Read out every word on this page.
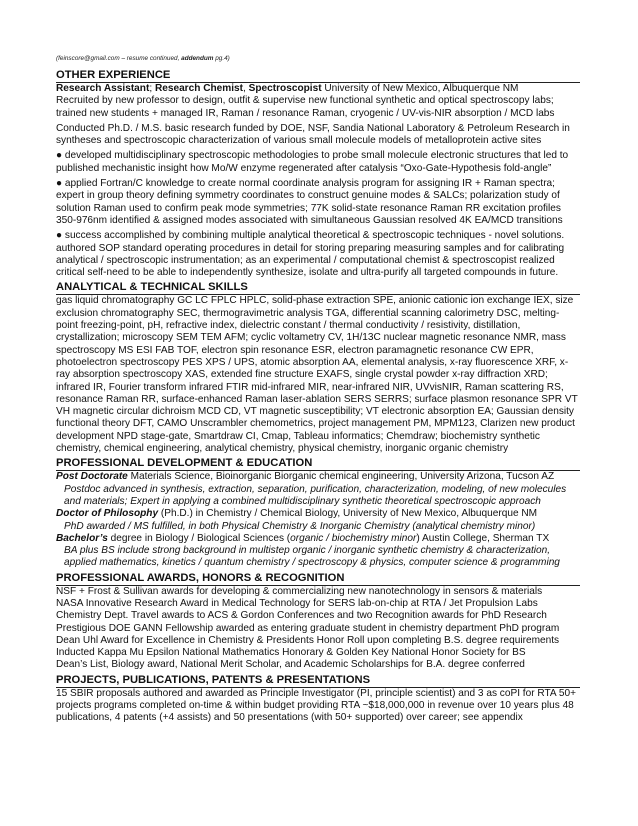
(feinscore@gmail.com – resume continued, addendum pg.4)
OTHER EXPERIENCE

Research Assistant; Research Chemist, Spectroscopist University of New Mexico, Albuquerque NM

Recruited by new professor to design, outfit & supervise new functional synthetic and optical spectroscopy labs; trained new students + managed IR, Raman / resonance Raman, cryogenic / UV-vis-NIR absorption / MCD labs

Conducted Ph.D. / M.S. basic research funded by DOE, NSF, Sandia National Laboratory & Petroleum Research in syntheses and spectroscopic characterization of various small molecule models of metalloprotein active sites

● developed multidisciplinary spectroscopic methodologies to probe small molecule electronic structures that led to published mechanistic insight how Mo/W enzyme regenerated after catalysis “Oxo-Gate-Hypothesis fold-angle”

● applied Fortran/C knowledge to create normal coordinate analysis program for assigning IR + Raman spectra; expert in group theory defining symmetry coordinates to construct genuine modes & SALCs; polarization study of solution Raman used to confirm peak mode symmetries; 77K solid-state resonance Raman RR excitation profiles 350-976nm identified & assigned modes associated with simultaneous Gaussian resolved 4K EA/MCD transitions

● success accomplished by combining multiple analytical theoretical & spectroscopic techniques - novel solutions. authored SOP standard operating procedures in detail for storing preparing measuring samples and for calibrating analytical / spectroscopic instrumentation; as an experimental / computational chemist & spectroscopist realized critical self-need to be able to independently synthesize, isolate and ultra-purify all targeted compounds in future.

ANALYTICAL & TECHNICAL SKILLS

gas liquid chromatography GC LC FPLC HPLC, solid-phase extraction SPE, anionic cationic ion exchange IEX, size exclusion chromatography SEC, thermogravimetric analysis TGA, differential scanning calorimetry DSC, melting-point freezing-point, pH, refractive index, dielectric constant / thermal conductivity / resistivity, distillation, crystallization; microscopy SEM TEM AFM; cyclic voltametry CV, 1H/13C nuclear magnetic resonance NMR, mass spectroscopy MS ESI FAB TOF, electron spin resonance ESR, electron paramagnetic resonance CW EPR, photoelectron spectroscopy PES XPS / UPS, atomic absorption AA, elemental analysis, x-ray fluorescence XRF, x-ray absorption spectroscopy XAS, extended fine structure EXAFS, single crystal powder x-ray diffraction XRD; infrared IR, Fourier transform infrared FTIR mid-infrared MIR, near-infrared NIR, UVvisNIR, Raman scattering RS, resonance Raman RR, surface-enhanced Raman laser-ablation SERS SERRS; surface plasmon resonance SPR VT VH magnetic circular dichroism MCD CD, VT magnetic susceptibility; VT electronic absorption EA; Gaussian density functional theory DFT, CAMO Unscrambler chemometrics, project management PM, MPM123, Clarizen new product development NPD stage-gate, Smartdraw CI, Cmap, Tableau informatics; Chemdraw; biochemistry synthetic chemistry, chemical engineering, analytical chemistry, physical chemistry, inorganic organic chemistry

PROFESSIONAL DEVELOPMENT & EDUCATION

Post Doctorate Materials Science, Bioinorganic Biorganic chemical engineering, University Arizona, Tucson AZ

Postdoc advanced in synthesis, extraction, separation, purification, characterization, modeling, of new molecules and materials; Expert in applying a combined multidisciplinary synthetic theoretical spectroscopic approach

Doctor of Philosophy (Ph.D.) in Chemistry / Chemical Biology, University of New Mexico, Albuquerque NM

PhD awarded / MS fulfilled, in both Physical Chemistry & Inorganic Chemistry (analytical chemistry minor)

Bachelor’s degree in Biology / Biological Sciences (organic / biochemistry minor) Austin College, Sherman TX

BA plus BS include strong background in multistep organic / inorganic synthetic chemistry & characterization, applied mathematics, kinetics / quantum chemistry / spectroscopy & physics, computer science & programming

PROFESSIONAL AWARDS, HONORS & RECOGNITION

NSF + Frost & Sullivan awards for developing & commercializing new nanotechnology in sensors & materials

NASA Innovative Research Award in Medical Technology for SERS lab-on-chip at RTA / Jet Propulsion Labs

Chemistry Dept. Travel awards to ACS & Gordon Conferences and two Recognition awards for PhD Research

Prestigious DOE GANN Fellowship awarded as entering graduate student in chemistry department PhD program

Dean Uhl Award for Excellence in Chemistry & Presidents Honor Roll upon completing B.S. degree requirements

Inducted Kappa Mu Epsilon National Mathematics Honorary & Golden Key National Honor Society for BS

Dean’s List, Biology award, National Merit Scholar, and Academic Scholarships for B.A. degree conferred

PROJECTS, PUBLICATIONS, PATENTS & PRESENTATIONS

15 SBIR proposals authored and awarded as Principle Investigator (PI, principle scientist) and 3 as coPI for RTA 50+ projects programs completed on-time & within budget providing RTA ~$18,000,000 in revenue over 10 years plus 48 publications, 4 patents (+4 assists) and 50 presentations (with 50+ supported) over career; see appendix
